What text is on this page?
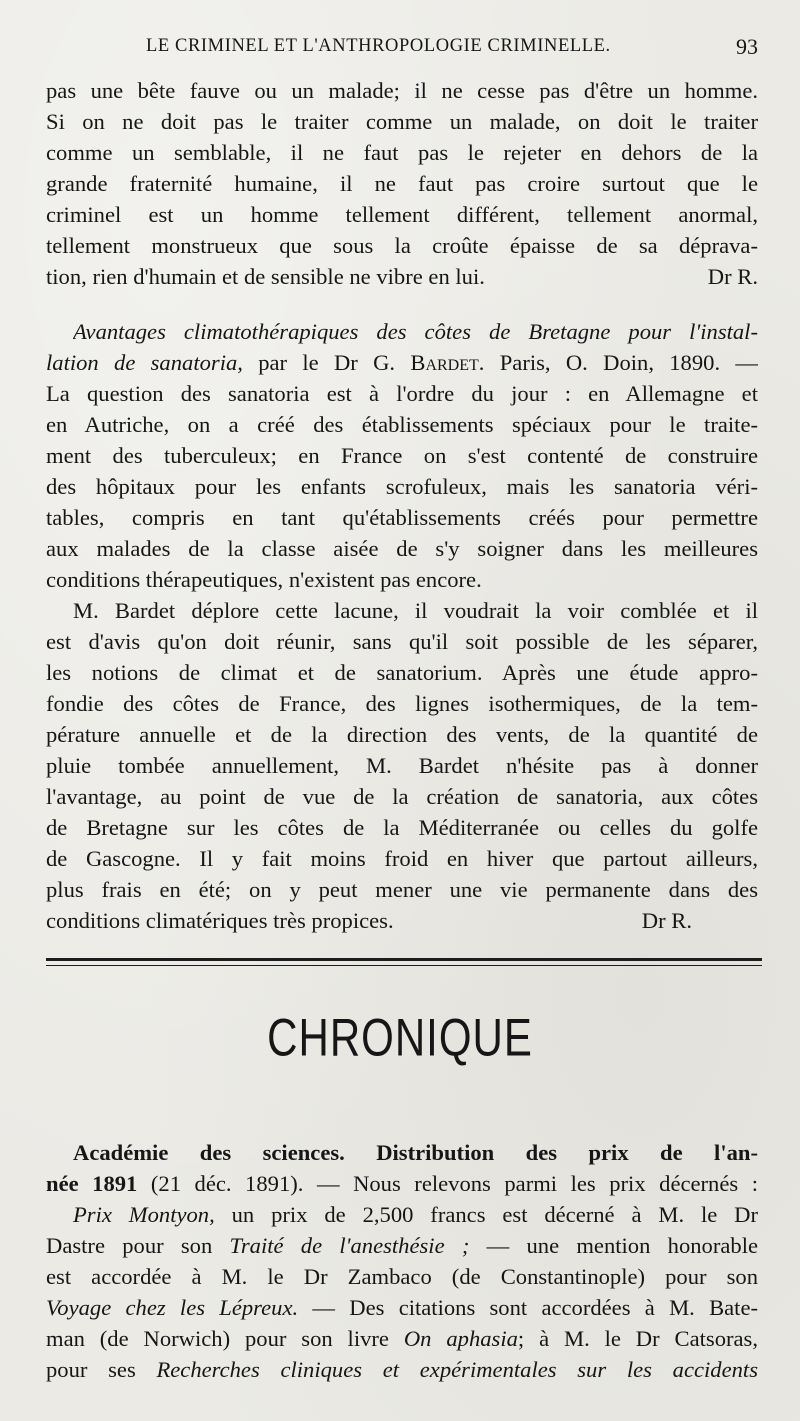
LE CRIMINEL ET L'ANTHROPOLOGIE CRIMINELLE.	93
pas une bête fauve ou un malade; il ne cesse pas d'être un homme.
Si on ne doit pas le traiter comme un malade, on doit le traiter
comme un semblable, il ne faut pas le rejeter en dehors de la
grande fraternité humaine, il ne faut pas croire surtout que le
criminel est un homme tellement différent, tellement anormal,
tellement monstrueux que sous la croûte épaisse de sa dépravа-
tion, rien d'humain et de sensible ne vibre en lui.	Dr R.
Avantages climatothérapiques des côtes de Bretagne pour l'instal-
lation de sanatoria, par le Dr G. Bardet. Paris, O. Doin, 1890. —
La question des sanatoria est à l'ordre du jour : en Allemagne et
en Autriche, on a créé des établissements spéciaux pour le traite-
ment des tuberculeux; en France on s'est contenté de construire
des hôpitaux pour les enfants scrofuleux, mais les sanatoria véri-
tables, compris en tant qu'établissements créés pour permettre
aux malades de la classe aisée de s'y soigner dans les meilleures
conditions thérapeutiques, n'existent pas encore.
M. Bardet déplore cette lacune, il voudrait la voir comblée et il
est d'avis qu'on doit réunir, sans qu'il soit possible de les séparer,
les notions de climat et de sanatorium. Après une étude appro-
fondie des côtes de France, des lignes isothermiques, de la tem-
pérature annuelle et de la direction des vents, de la quantité de
pluie tombée annuellement, M. Bardet n'hésite pas à donner
l'avantage, au point de vue de la création de sanatoria, aux côtes
de Bretagne sur les côtes de la Méditerranée ou celles du golfe
de Gascogne. Il y fait moins froid en hiver que partout ailleurs,
plus frais en été; on y peut mener une vie permanente dans des
conditions climatériques très propices.	Dr R.
CHRONIQUE
Académie des sciences. Distribution des prix de l'an-
née 1891 (21 déc. 1891). — Nous relevons parmi les prix décernés :
Prix Montyon, un prix de 2,500 francs est décerné à M. le Dr
Dastre pour son Traité de l'anesthésie ; — une mention honorable
est accordée à M. le Dr Zambaco (de Constantinople) pour son
Voyage chez les Lépreux. — Des citations sont accordées à M. Bate-
man (de Norwich) pour son livre On aphasia; à M. le Dr Catsoras,
pour ses Recherches cliniques et expérimentales sur les accidents
